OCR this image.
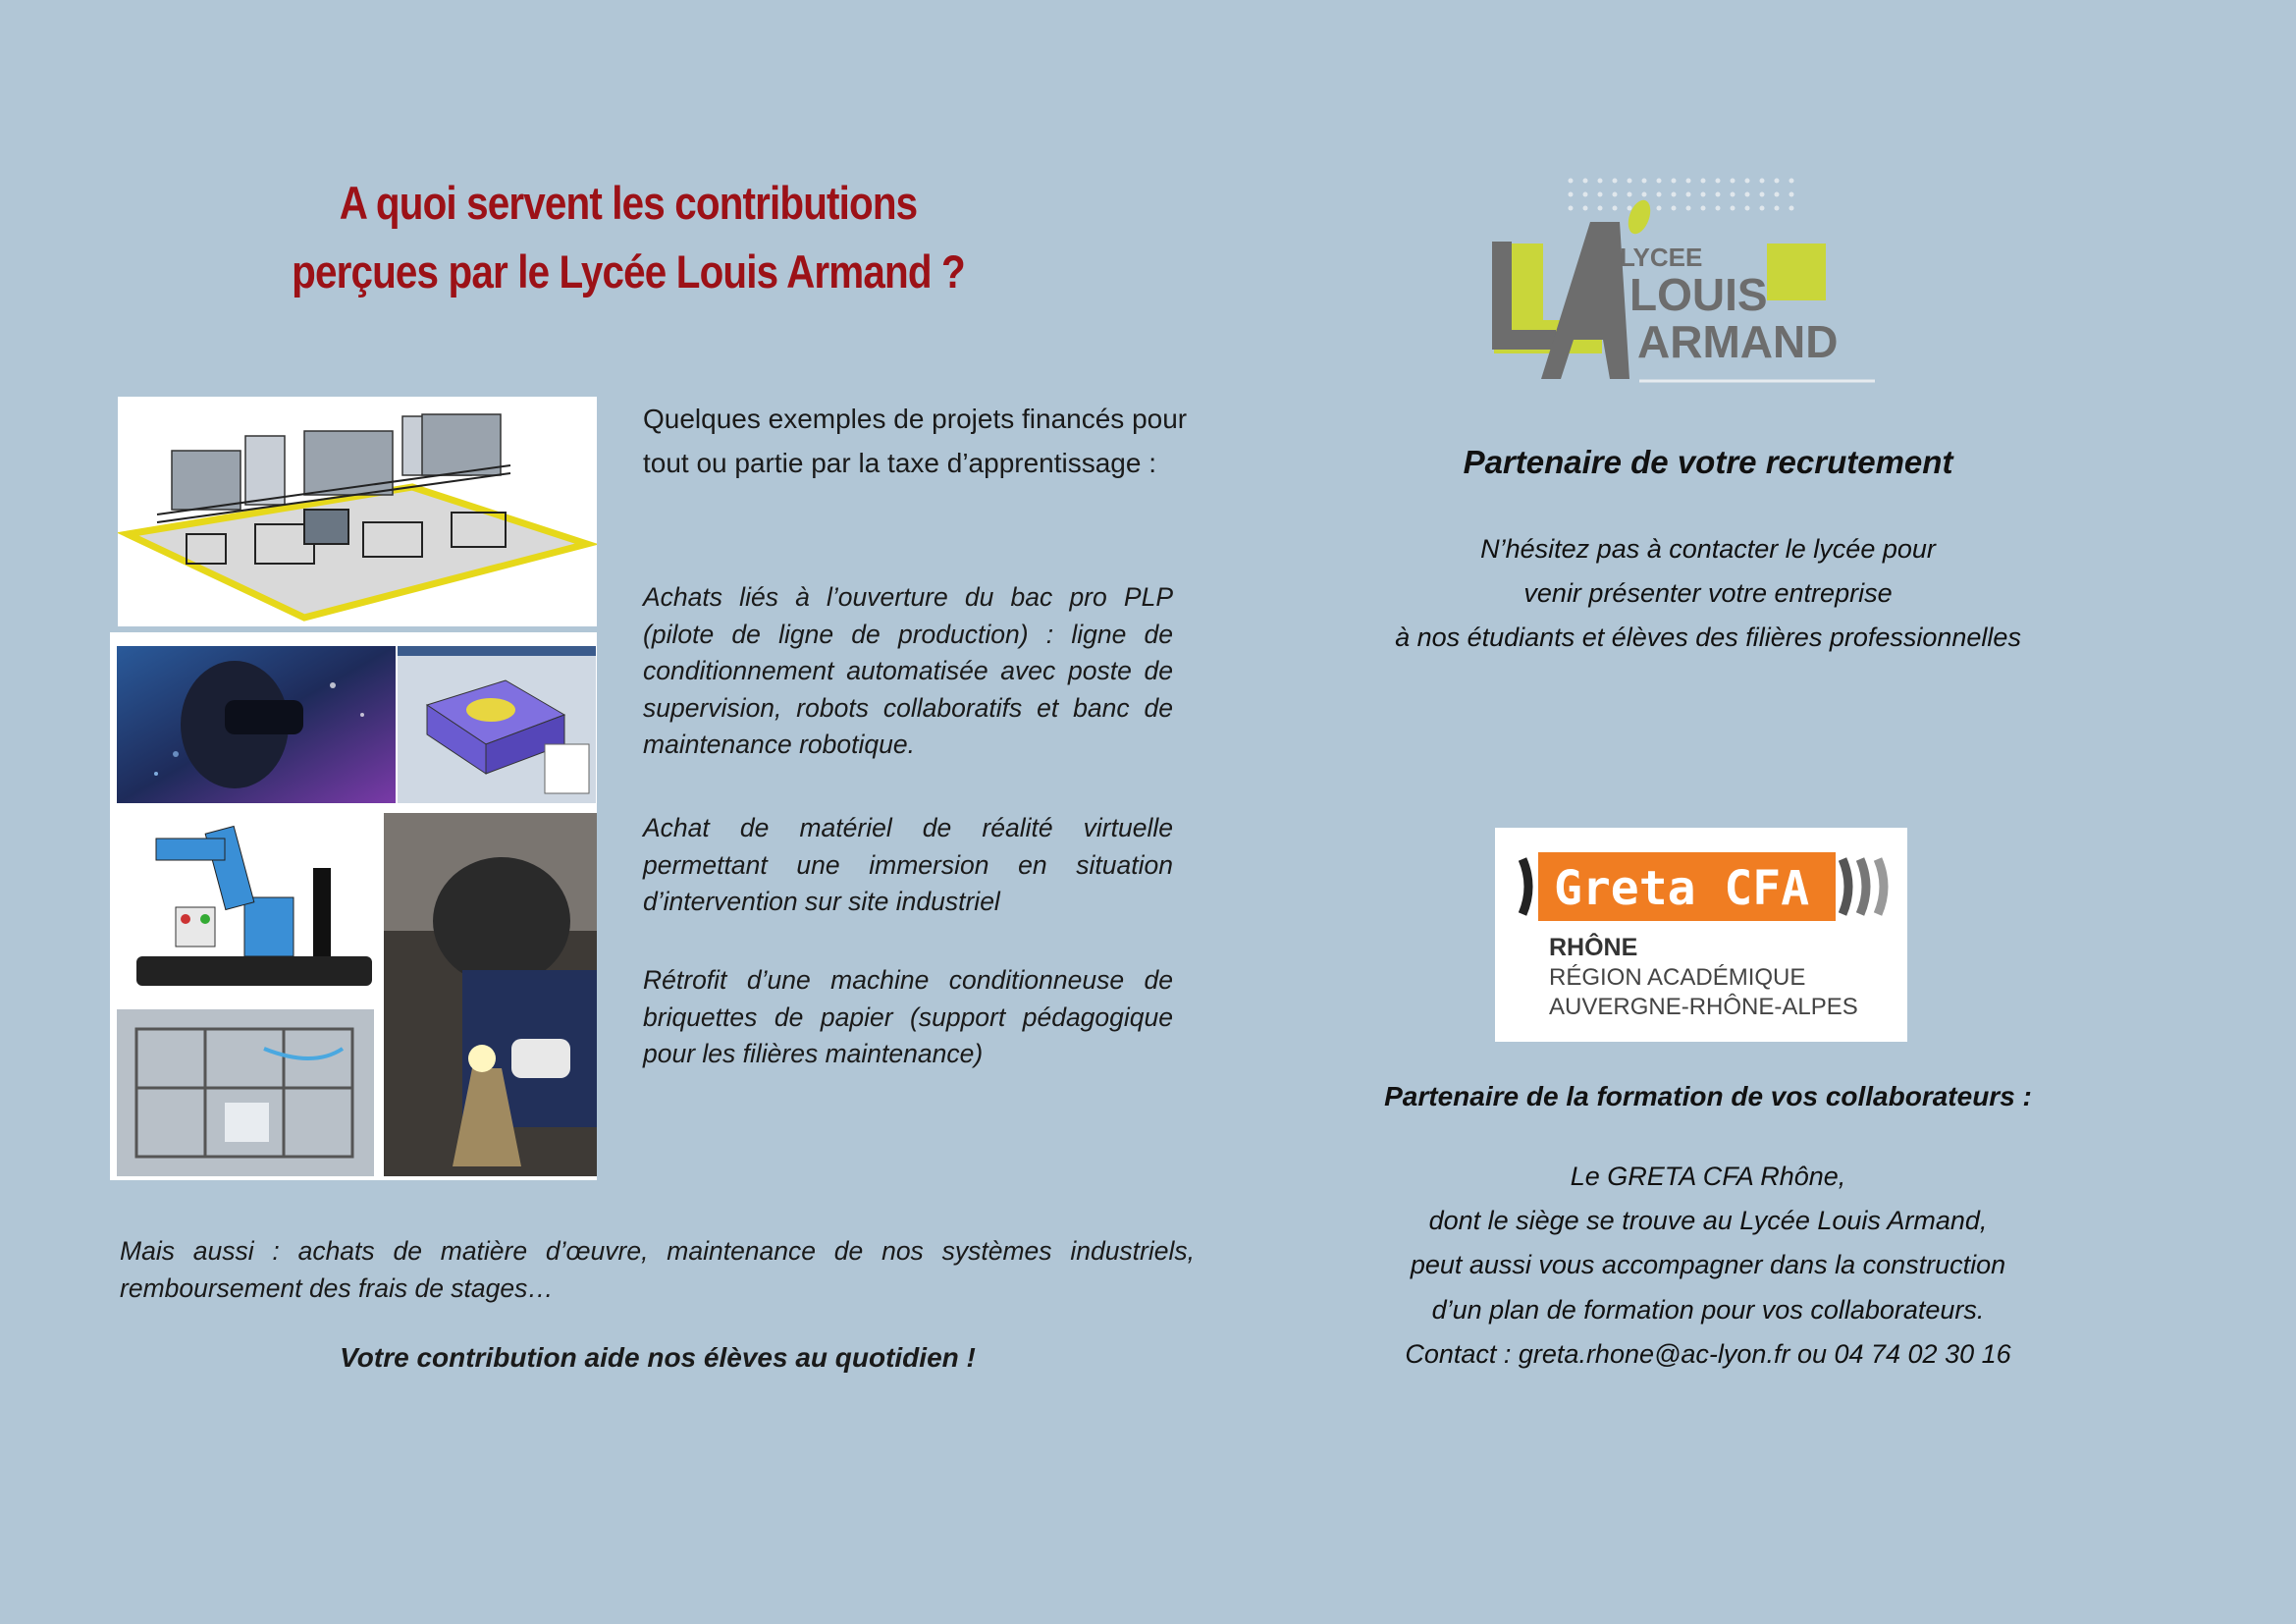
A quoi servent les contributions
perçues par le Lycée Louis Armand ?
Quelques exemples de projets financés pour tout ou partie par la taxe d’apprentissage :
Achats liés à l’ouverture du bac pro PLP (pilote de ligne de production) : ligne de conditionnement automatisée avec poste de supervision, robots collaboratifs et banc de maintenance robotique.
Achat de matériel de réalité virtuelle permettant une immersion en situation d’intervention sur site industriel
Rétrofit d’une machine conditionneuse de briquettes de papier (support pédagogique pour les filières maintenance)
Mais aussi : achats de matière d’œuvre, maintenance de nos systèmes industriels, remboursement des frais de stages…
Votre contribution aide nos élèves au quotidien !
LYCEE
LOUIS
ARMAND
Partenaire de votre recrutement
N’hésitez pas à contacter le lycée pour
venir présenter votre entreprise
à nos étudiants et élèves des filières professionnelles
Greta CFA
RHÔNE
RÉGION ACADÉMIQUE
AUVERGNE-RHÔNE-ALPES
Partenaire de la formation de vos collaborateurs :
Le GRETA CFA Rhône,
dont le siège se trouve au Lycée Louis Armand,
peut aussi vous accompagner dans la construction
d’un plan de formation pour vos collaborateurs.
Contact : greta.rhone@ac-lyon.fr ou 04 74 02 30 16
